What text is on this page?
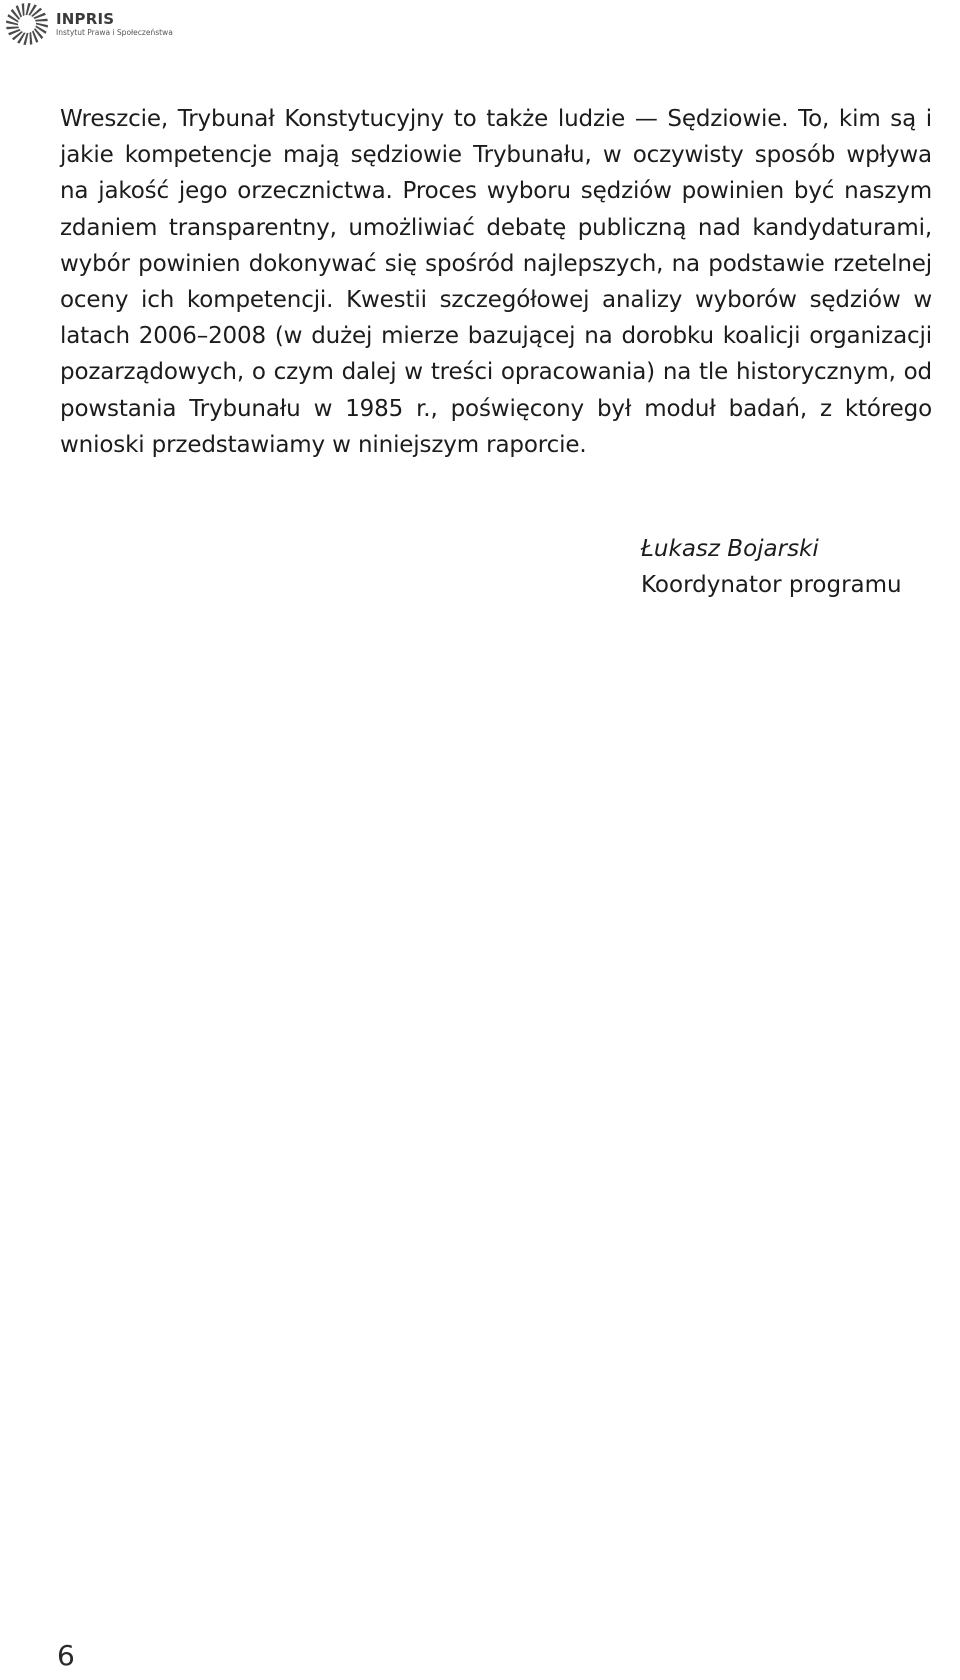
INPRIS
Instytut Prawa i Społeczeństwa

Wreszcie, Trybunał Konstytucyjny to także ludzie — Sędziowie. To, kim są i jakie kompetencje mają sędziowie Trybunału, w oczywisty sposób wpływa na jakość jego orzecznictwa. Proces wyboru sędziów powinien być naszym zdaniem transparentny, umożliwiać debatę publiczną nad kandydaturami, wybór powinien dokonywać się spośród najlepszych, na podstawie rzetelnej oceny ich kompetencji. Kwestii szczegółowej analizy wyborów sędziów w latach 2006–2008 (w dużej mierze bazującej na dorobku koalicji organizacji pozarządowych, o czym dalej w treści opracowania) na tle historycznym, od powstania Trybunału w 1985 r., poświęcony był moduł badań, z którego wnioski przedstawiamy w niniejszym raporcie.

Łukasz Bojarski

Koordynator programu

6
